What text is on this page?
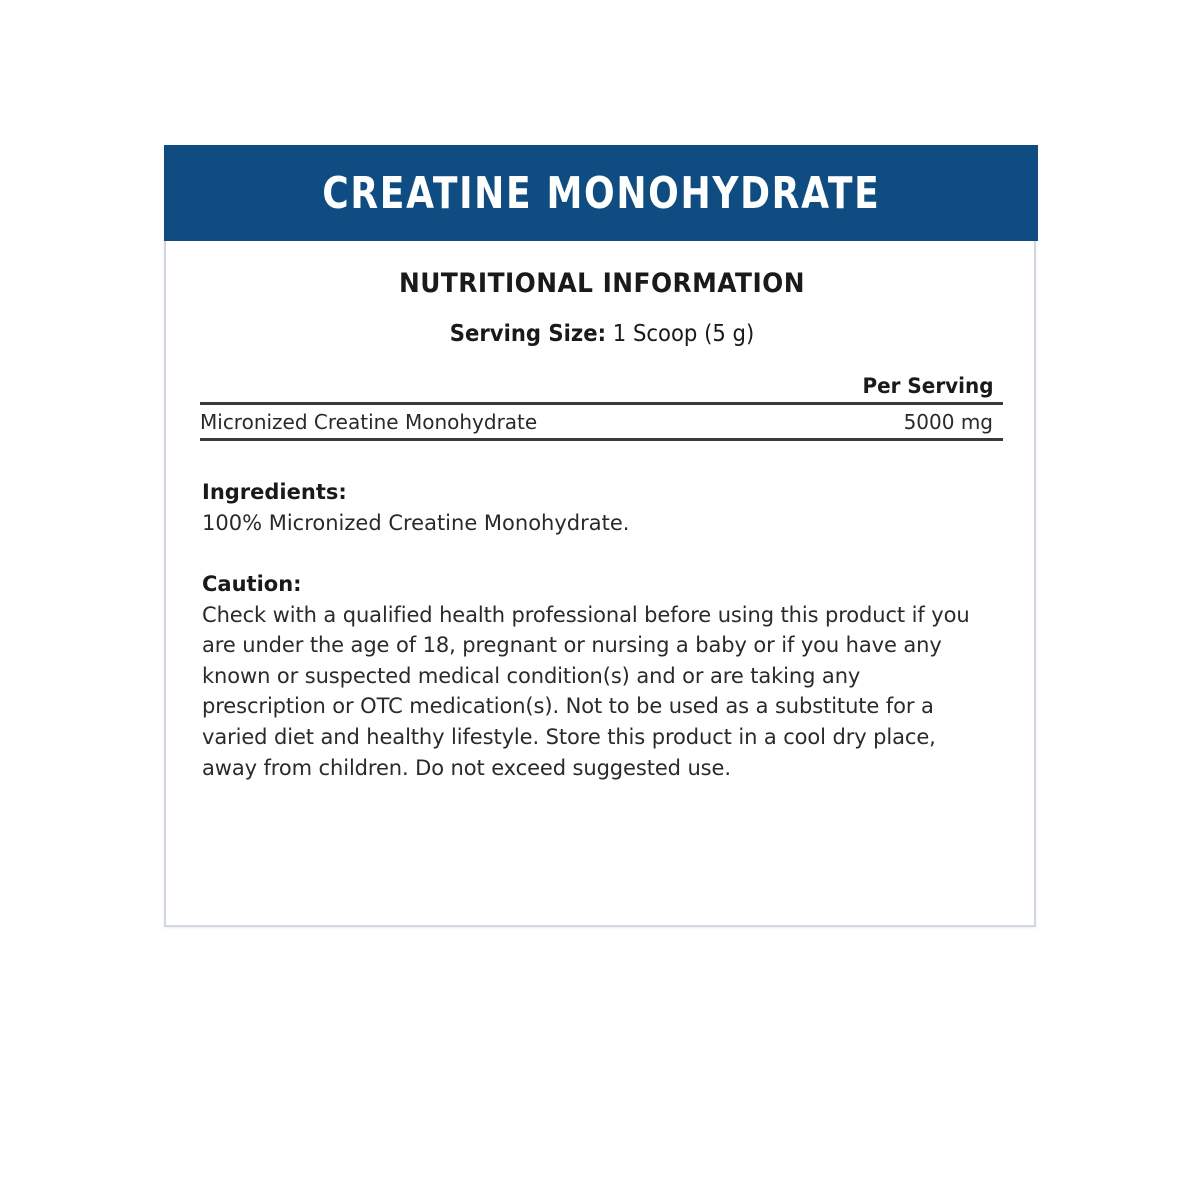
CREATINE MONOHYDRATE
NUTRITIONAL INFORMATION
Serving Size: 1 Scoop (5 g)
Per Serving
Micronized Creatine Monohydrate	5000 mg
Ingredients:
100% Micronized Creatine Monohydrate.
Caution:
Check with a qualified health professional before using this product if you
are under the age of 18, pregnant or nursing a baby or if you have any
known or suspected medical condition(s) and or are taking any
prescription or OTC medication(s). Not to be used as a substitute for a
varied diet and healthy lifestyle. Store this product in a cool dry place,
away from children. Do not exceed suggested use.
